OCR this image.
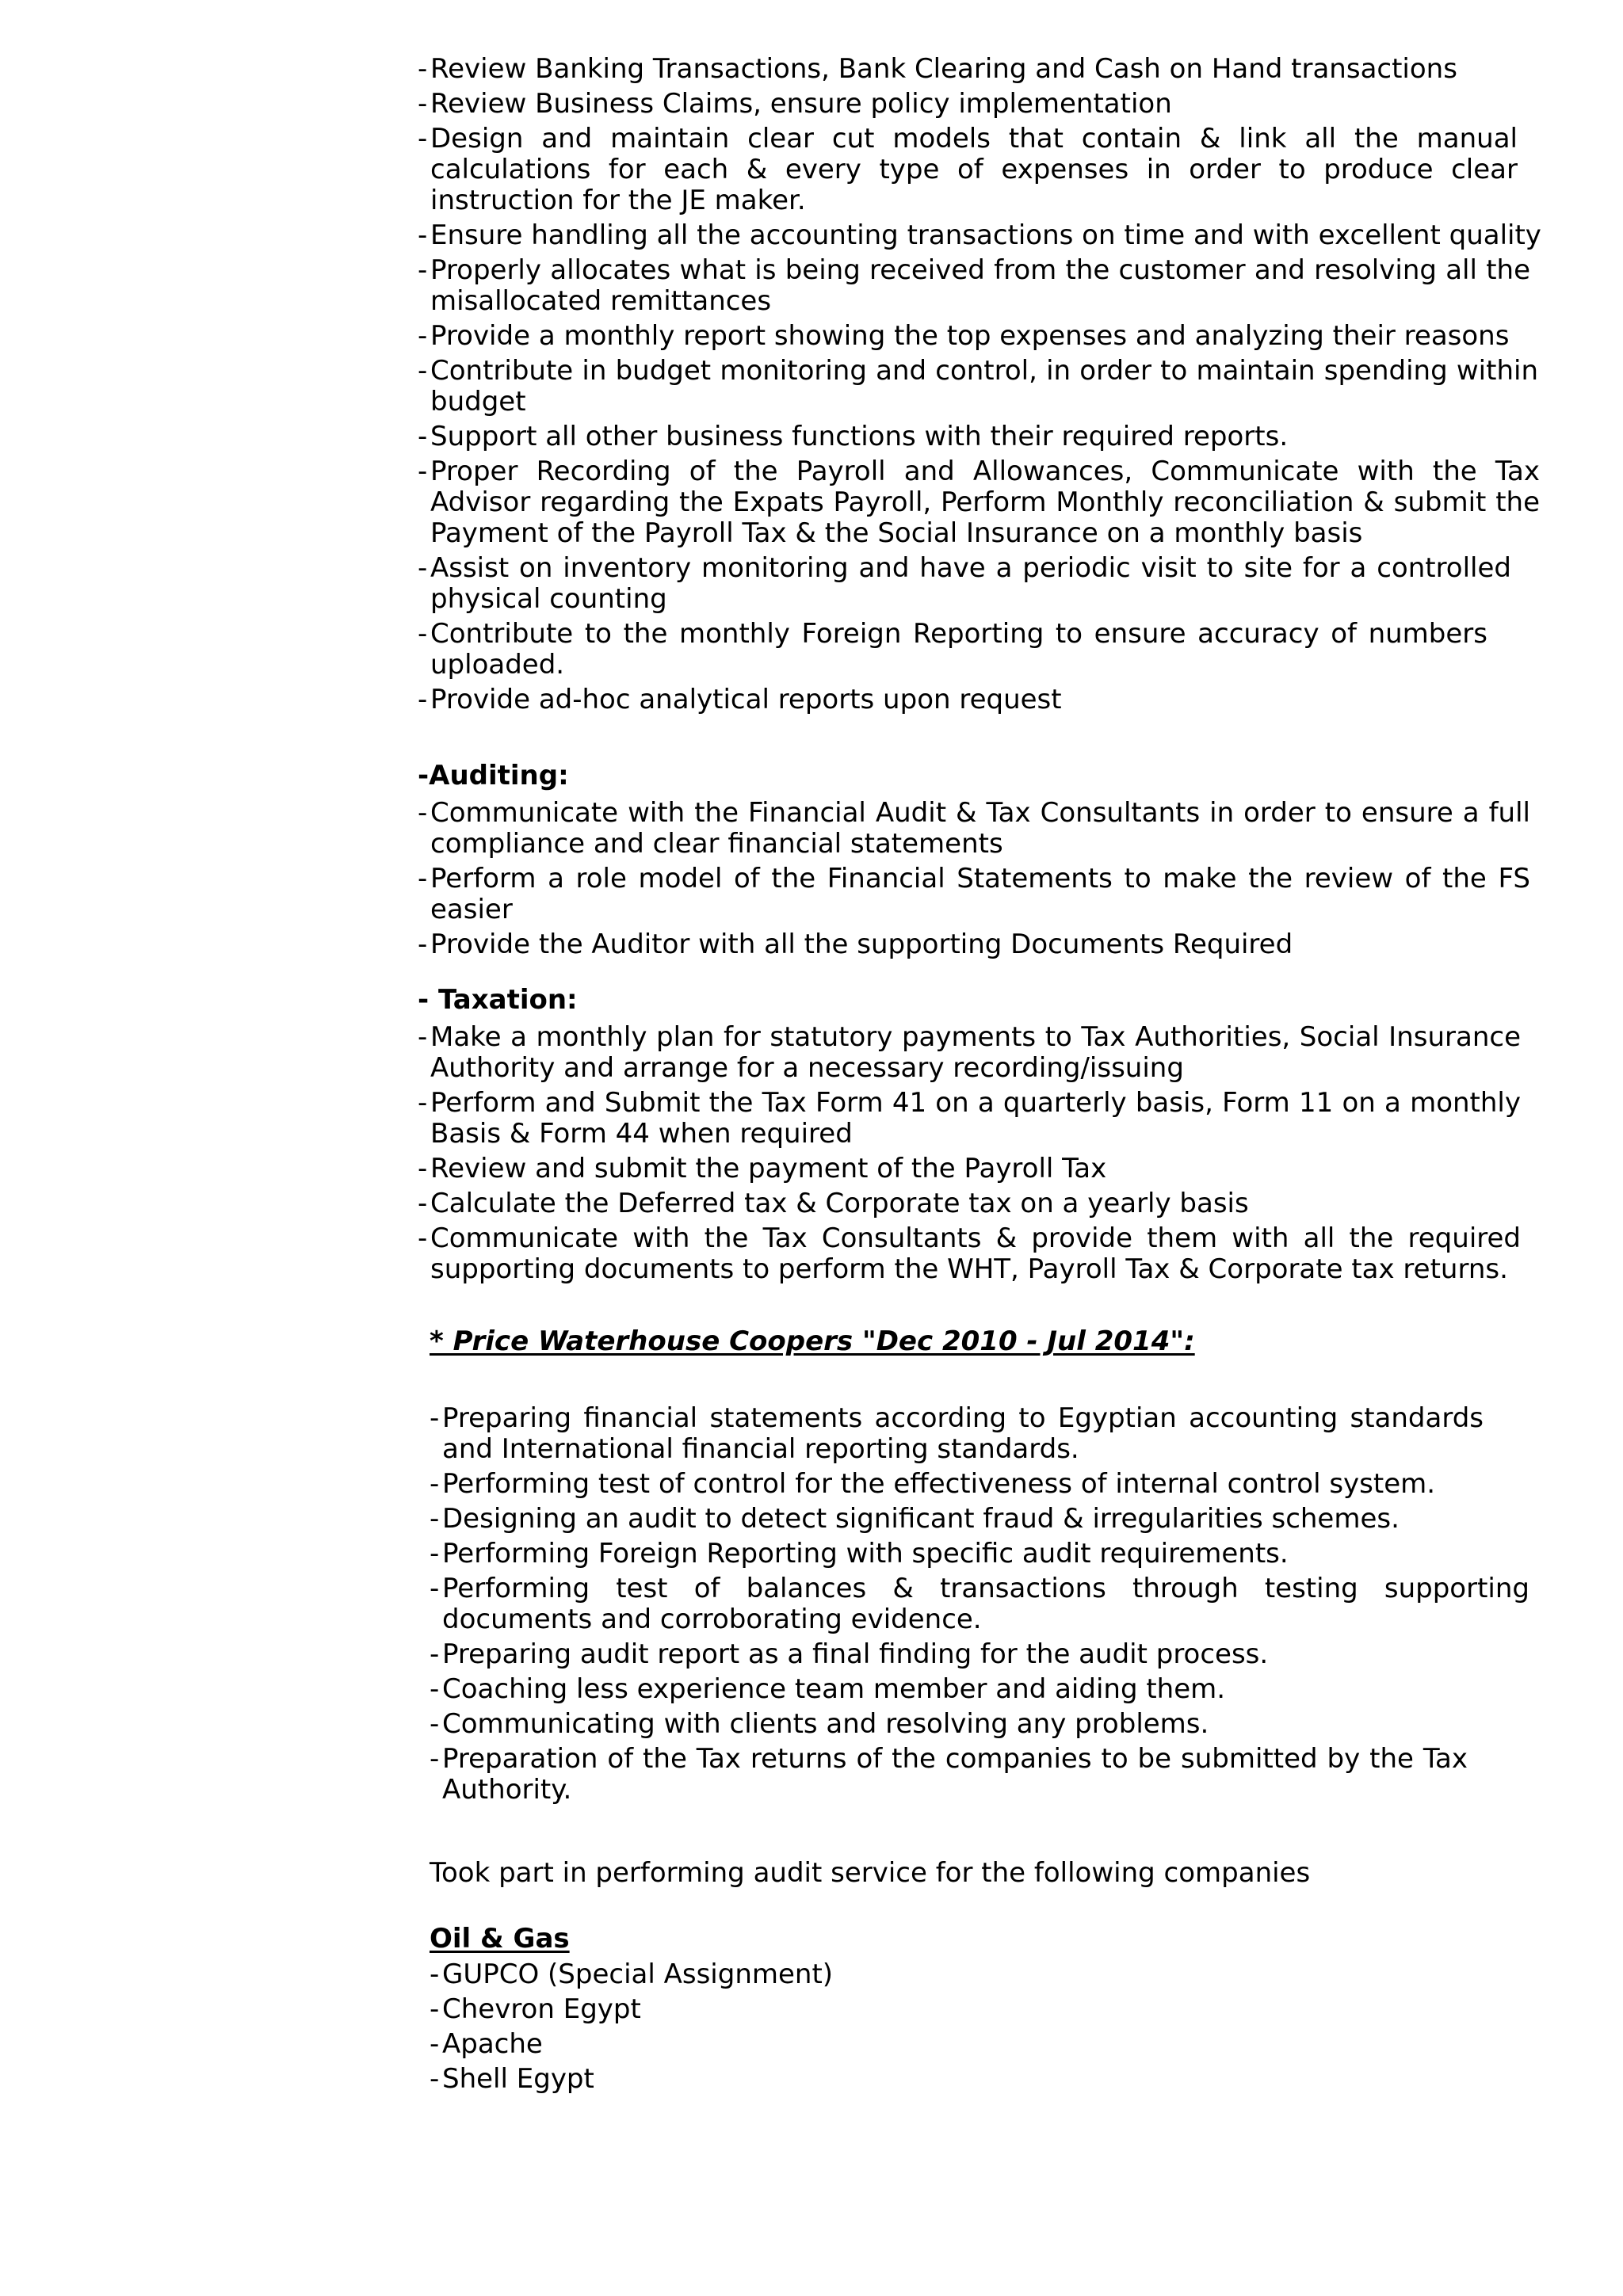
- Review Banking Transactions, Bank Clearing and Cash on Hand transactions
- Review Business Claims, ensure policy implementation
- Design and maintain clear cut models that contain & link all the manual calculations for each & every type of expenses in order to produce clear instruction for the JE maker.
- Ensure handling all the accounting transactions on time and with excellent quality
- Properly allocates what is being received from the customer and resolving all the misallocated remittances
- Provide a monthly report showing the top expenses and analyzing their reasons
- Contribute in budget monitoring and control, in order to maintain spending within budget
- Support all other business functions with their required reports.
- Proper Recording of the Payroll and Allowances, Communicate with the Tax Advisor regarding the Expats Payroll, Perform Monthly reconciliation & submit the Payment of the Payroll Tax & the Social Insurance on a monthly basis
- Assist on inventory monitoring and have a periodic visit to site for a controlled physical counting
- Contribute to the monthly Foreign Reporting to ensure accuracy of numbers uploaded.
- Provide ad-hoc analytical reports upon request
-Auditing:
- Communicate with the Financial Audit & Tax Consultants in order to ensure a full compliance and clear financial statements
- Perform a role model of the Financial Statements to make the review of the FS easier
- Provide the Auditor with all the supporting Documents Required
- Taxation:
- Make a monthly plan for statutory payments to Tax Authorities, Social Insurance Authority and arrange for a necessary recording/issuing
- Perform and Submit the Tax Form 41 on a quarterly basis, Form 11 on a monthly Basis & Form 44 when required
- Review and submit the payment of the Payroll Tax
- Calculate the Deferred tax & Corporate tax on a yearly basis
- Communicate with the Tax Consultants & provide them with all the required supporting documents to perform the WHT, Payroll Tax & Corporate tax returns.
* Price Waterhouse Coopers "Dec 2010 - Jul 2014":
- Preparing financial statements according to Egyptian accounting standards and International financial reporting standards.
- Performing test of control for the effectiveness of internal control system.
- Designing an audit to detect significant fraud & irregularities schemes.
- Performing Foreign Reporting with specific audit requirements.
- Performing test of balances & transactions through testing supporting documents and corroborating evidence.
- Preparing audit report as a final finding for the audit process.
- Coaching less experience team member and aiding them.
- Communicating with clients and resolving any problems.
- Preparation of the Tax returns of the companies to be submitted by the Tax Authority.
Took part in performing audit service for the following companies
Oil & Gas
- GUPCO (Special Assignment)
- Chevron Egypt
- Apache
- Shell Egypt
